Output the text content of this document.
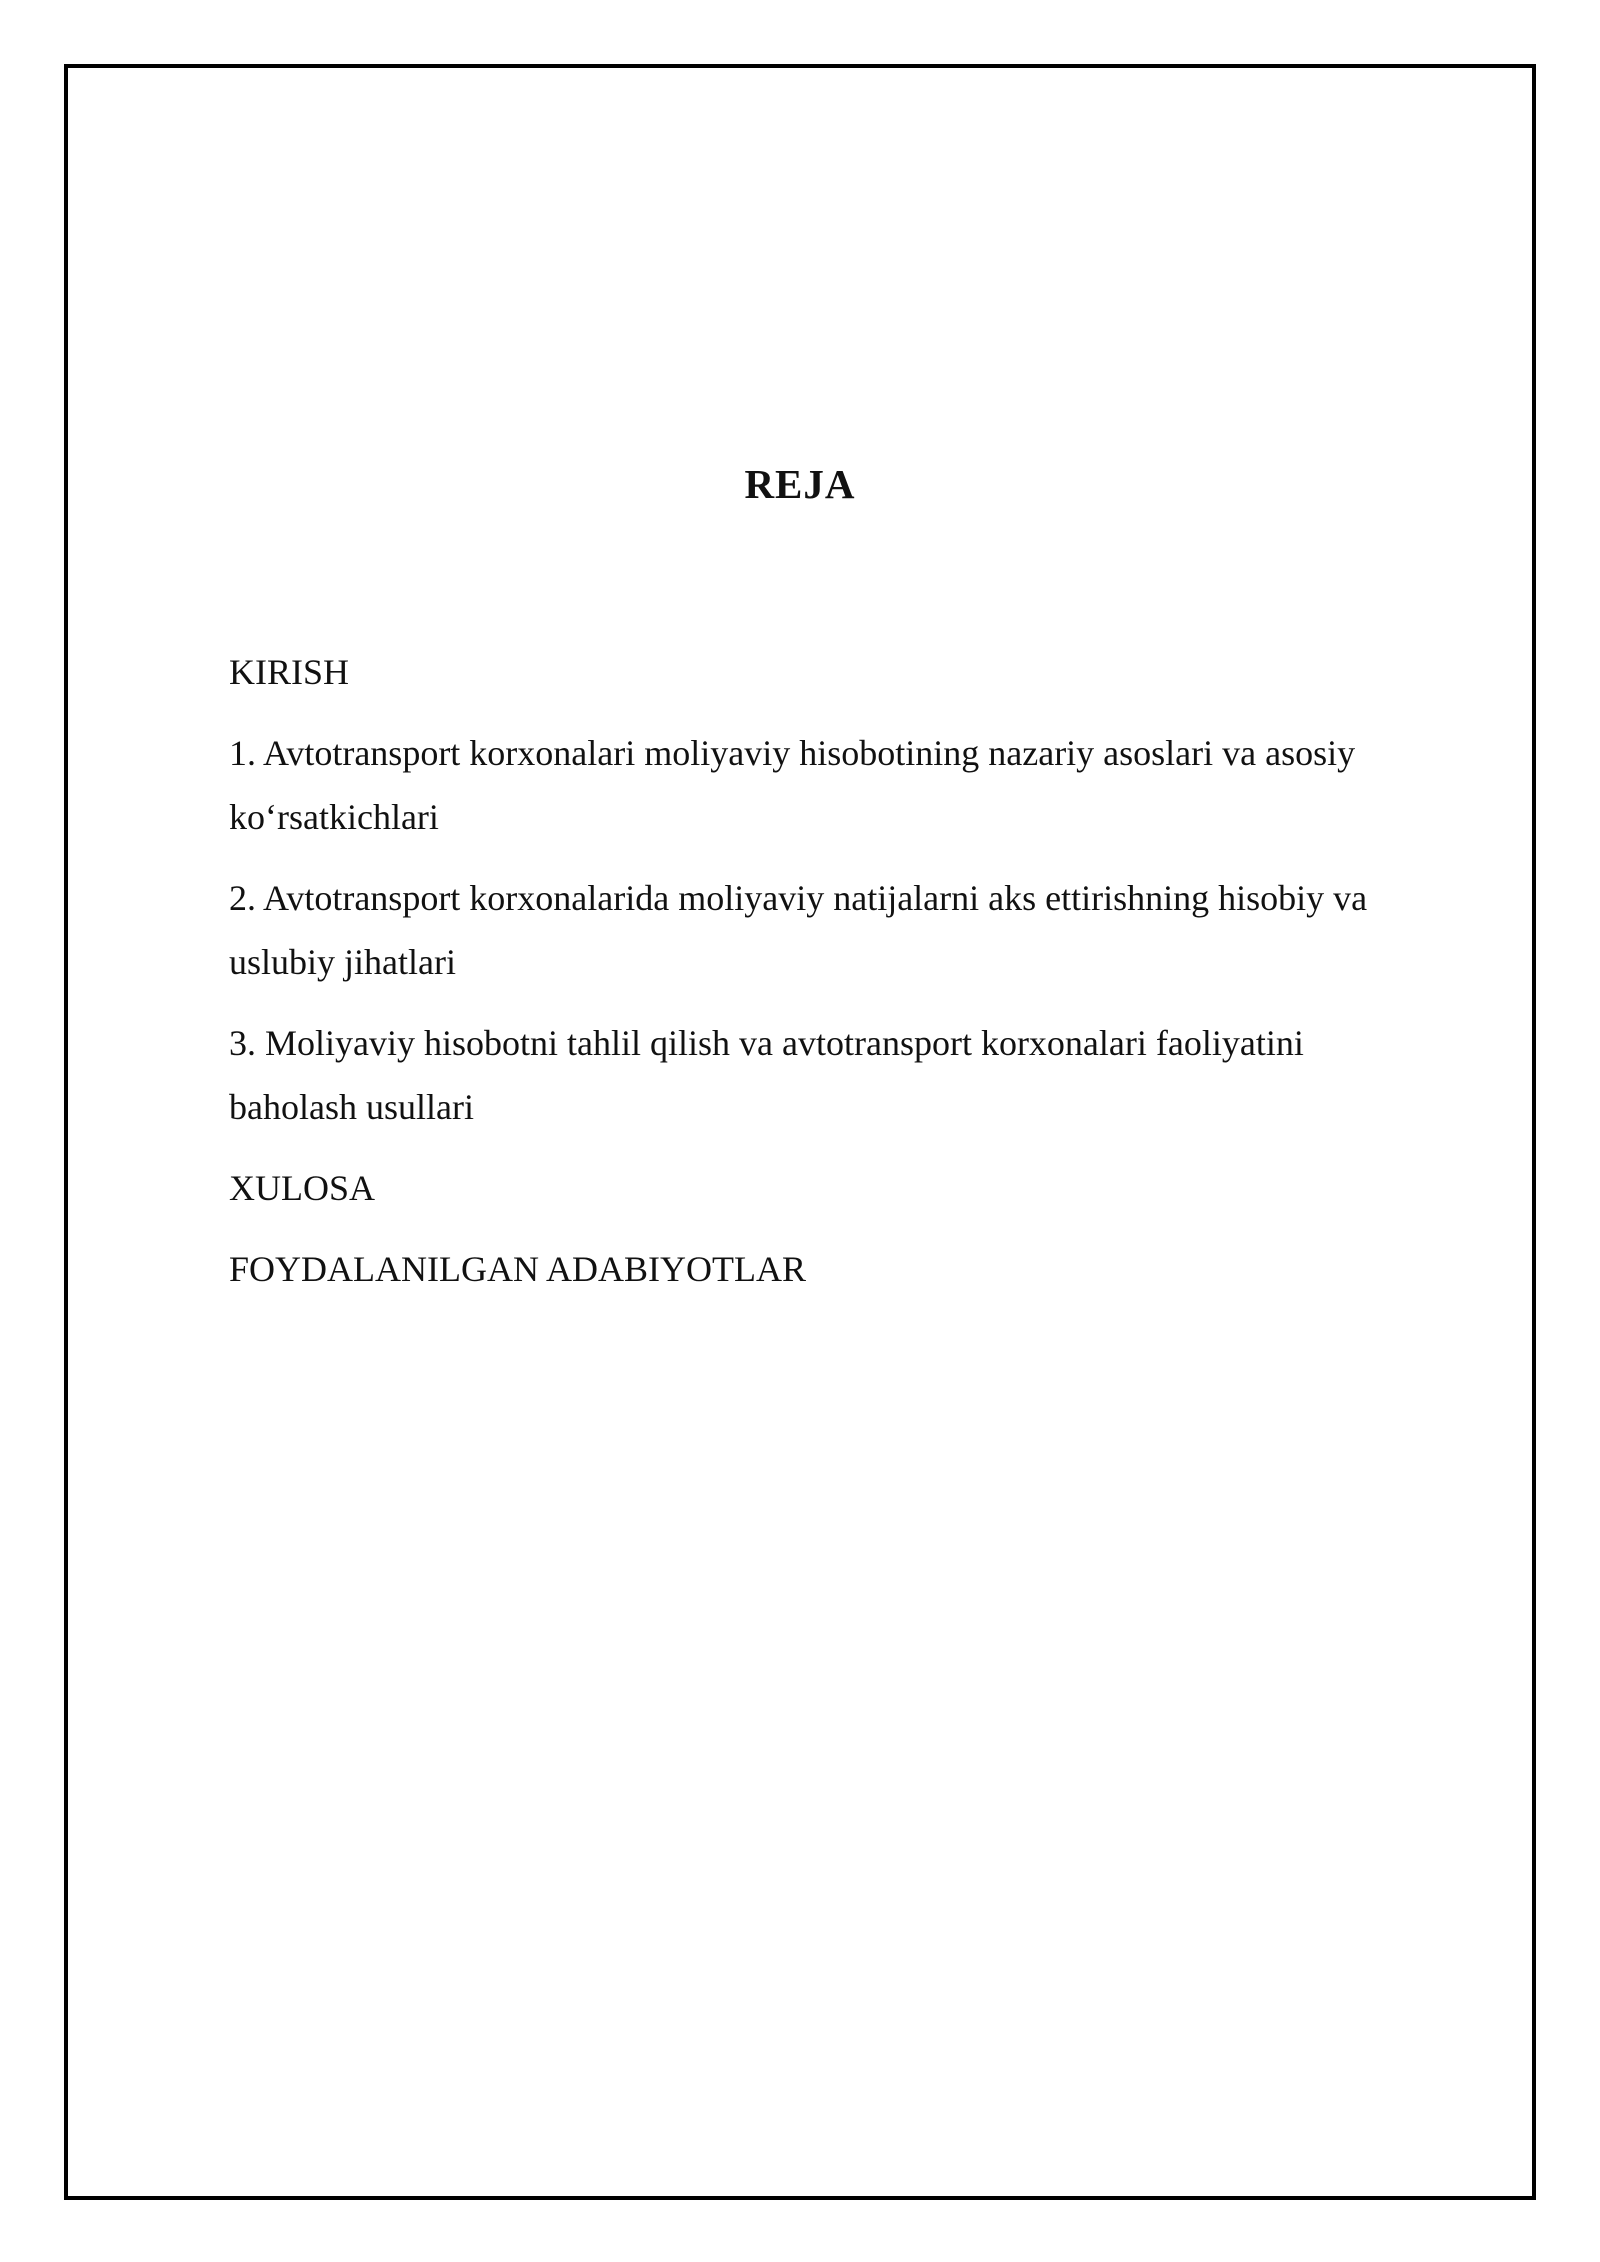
REJA
KIRISH
1. Avtotransport korxonalari moliyaviy hisobotining nazariy asoslari va asosiy ko‘rsatkichlari
2. Avtotransport korxonalarida moliyaviy natijalarni aks ettirishning hisobiy va uslubiy jihatlari
3. Moliyaviy hisobotni tahlil qilish va avtotransport korxonalari faoliyatini baholash usullari
XULOSA
FOYDALANILGAN ADABIYOTLAR
